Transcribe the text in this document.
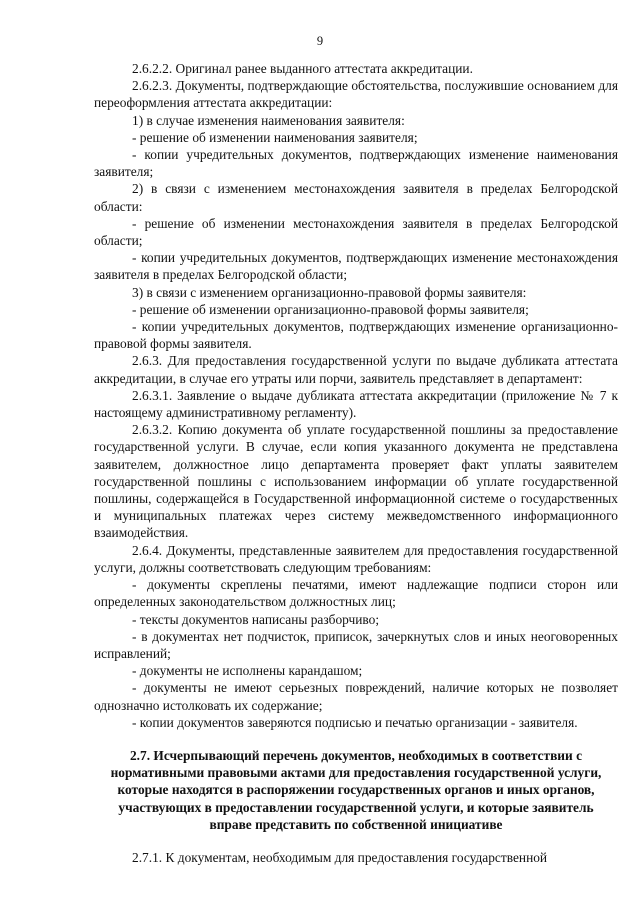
9

2.6.2.2. Оригинал ранее выданного аттестата аккредитации.

2.6.2.3. Документы, подтверждающие обстоятельства, послужившие основанием для переоформления аттестата аккредитации:

1) в случае изменения наименования заявителя:

- решение об изменении наименования заявителя;

- копии учредительных документов, подтверждающих изменение наименования заявителя;

2) в связи с изменением местонахождения заявителя в пределах Белгородской области:

- решение об изменении местонахождения заявителя в пределах Белгородской области;

- копии учредительных документов, подтверждающих изменение местонахождения заявителя в пределах Белгородской области;

3) в связи с изменением организационно-правовой формы заявителя:

- решение об изменении организационно-правовой формы заявителя;

- копии учредительных документов, подтверждающих изменение организационно-правовой формы заявителя.

2.6.3. Для предоставления государственной услуги по выдаче дубликата аттестата аккредитации, в случае его утраты или порчи, заявитель представляет в департамент:

2.6.3.1. Заявление о выдаче дубликата аттестата аккредитации (приложение № 7 к настоящему административному регламенту).

2.6.3.2. Копию документа об уплате государственной пошлины за предоставление государственной услуги. В случае, если копия указанного документа не представлена заявителем, должностное лицо департамента проверяет факт уплаты заявителем государственной пошлины с использованием информации об уплате государственной пошлины, содержащейся в Государственной информационной системе о государственных и муниципальных платежах через систему межведомственного информационного взаимодействия.

2.6.4. Документы, представленные заявителем для предоставления государственной услуги, должны соответствовать следующим требованиям:

- документы скреплены печатями, имеют надлежащие подписи сторон или определенных законодательством должностных лиц;

- тексты документов написаны разборчиво;

- в документах нет подчисток, приписок, зачеркнутых слов и иных неоговоренных исправлений;

- документы не исполнены карандашом;

- документы не имеют серьезных повреждений, наличие которых не позволяет однозначно истолковать их содержание;

- копии документов заверяются подписью и печатью организации - заявителя.

2.7. Исчерпывающий перечень документов, необходимых в соответствии с нормативными правовыми актами для предоставления государственной услуги, которые находятся в распоряжении государственных органов и иных органов, участвующих в предоставлении государственной услуги, и которые заявитель вправе представить по собственной инициативе

2.7.1. К документам, необходимым для предоставления государственной
